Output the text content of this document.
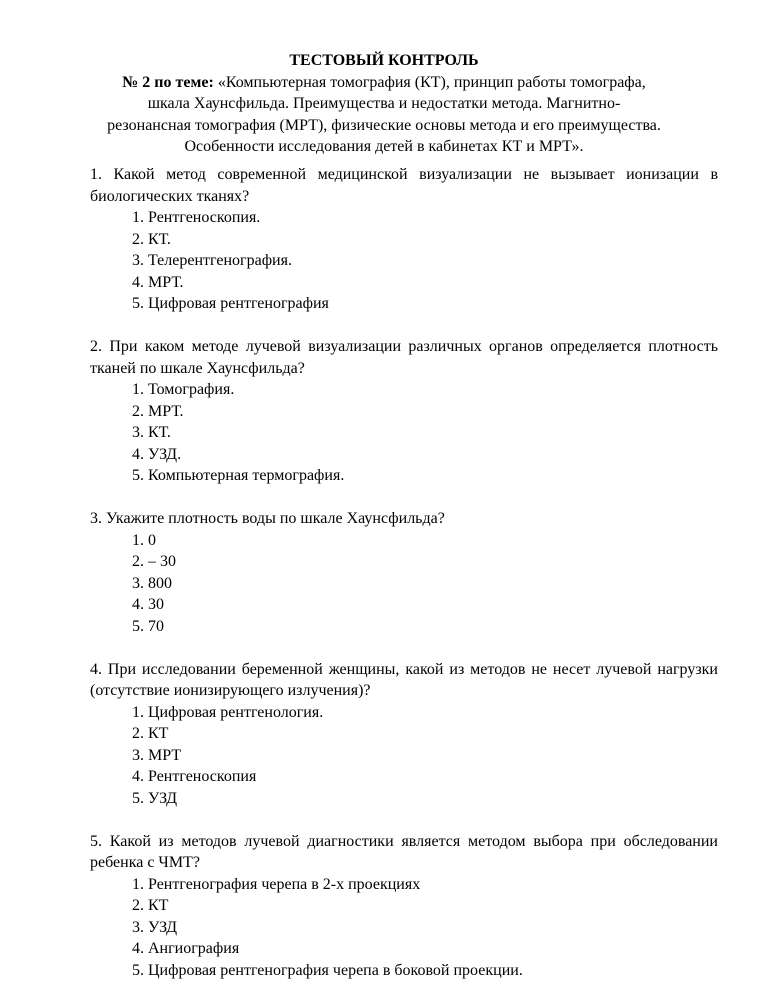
ТЕСТОВЫЙ КОНТРОЛЬ
№ 2 по теме: «Компьютерная томография (КТ), принцип работы томографа,
шкала Хаунсфильда. Преимущества и недостатки метода. Магнитно-
резонансная томография (МРТ), физические основы метода и его преимущества.
Особенности исследования детей в кабинетах КТ и МРТ».
1. Какой метод современной медицинской визуализации не вызывает ионизации в биологических тканях?
1. Рентгеноскопия.
2. КТ.
3. Телерентгенография.
4. МРТ.
5. Цифровая рентгенография
2. При каком методе лучевой визуализации различных органов определяется плотность тканей по шкале Хаунсфильда?
1. Томография.
2. МРТ.
3. КТ.
4. УЗД.
5. Компьютерная термография.
3. Укажите плотность воды по шкале Хаунсфильда?
1. 0
2. – 30
3. 800
4. 30
5. 70
4. При исследовании беременной женщины, какой из методов не несет лучевой нагрузки (отсутствие ионизирующего излучения)?
1. Цифровая рентгенология.
2. КТ
3. МРТ
4. Рентгеноскопия
5. УЗД
5. Какой из методов лучевой диагностики является методом выбора при обследовании ребенка с ЧМТ?
1. Рентгенография черепа в 2-х проекциях
2. КТ
3. УЗД
4. Ангиография
5. Цифровая рентгенография черепа в боковой проекции.
